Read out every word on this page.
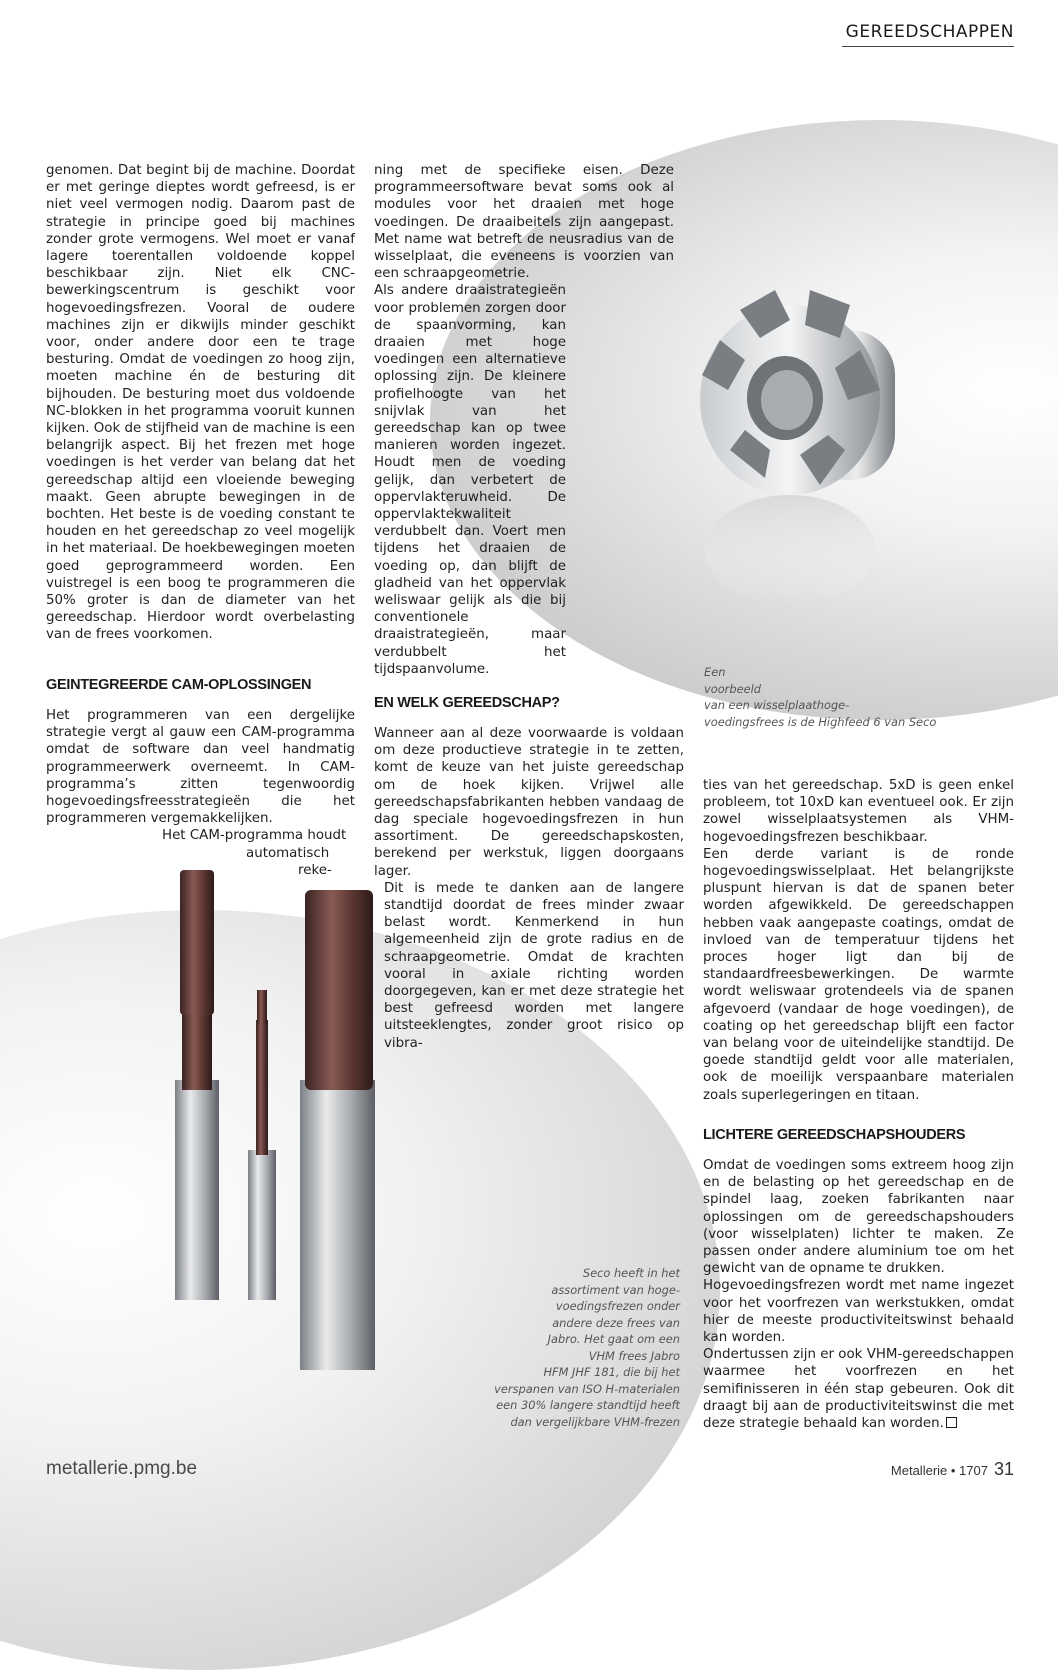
GEREEDSCHAPPEN

genomen. Dat begint bij de machine. Doordat er met geringe dieptes wordt gefreesd, is er niet veel vermogen nodig. Daarom past de strategie in principe goed bij machines zonder grote vermogens. Wel moet er vanaf lagere toerentallen voldoende koppel beschikbaar zijn. Niet elk CNC-bewerkingscentrum is geschikt voor hogevoedingsfrezen. Vooral de oudere machines zijn er dikwijls minder geschikt voor, onder andere door een te trage besturing. Omdat de voedingen zo hoog zijn, moeten machine én de besturing dit bijhouden. De besturing moet dus voldoende NC-blokken in het programma vooruit kunnen kijken. Ook de stijfheid van de machine is een belangrijk aspect. Bij het frezen met hoge voedingen is het verder van belang dat het gereedschap altijd een vloeiende beweging maakt. Geen abrupte bewegingen in de bochten. Het beste is de voeding constant te houden en het gereedschap zo veel mogelijk in het materiaal. De hoekbewegingen moeten goed geprogrammeerd worden. Een vuistregel is een boog te programmeren die 50% groter is dan de diameter van het gereedschap. Hierdoor wordt overbelasting van de frees voorkomen.

GEINTEGREERDE CAM-OPLOSSINGEN

Het programmeren van een dergelijke strategie vergt al gauw een CAM-programma omdat de software dan veel handmatig programmeerwerk overneemt. In CAM-programma’s zitten tegenwoordig hogevoedingsfreesstrategieën die het programmeren vergemakkelijken.

Het CAM-programma houdt

automatisch

reke-

ning met de specifieke eisen. Deze programmeersoftware bevat soms ook al modules voor het draaien met hoge voedingen. De draaibeitels zijn aangepast. Met name wat betreft de neusradius van de wisselplaat, die eveneens is voorzien van een schraapgeometrie.

Als andere draaistrategieën voor problemen zorgen door de spaanvorming, kan draaien met hoge voedingen een alternatieve oplossing zijn. De kleinere profielhoogte van het snijvlak van het gereedschap kan op twee manieren worden ingezet. Houdt men de voeding gelijk, dan verbetert de oppervlakteruwheid. De oppervlaktekwaliteit verdubbelt dan. Voert men tijdens het draaien de voeding op, dan blijft de gladheid van het oppervlak weliswaar gelijk als die bij conventionele draaistrategieën, maar verdubbelt het tijdspaanvolume.

EN WELK GEREEDSCHAP?

Wanneer aan al deze voorwaarde is voldaan om deze productieve strategie in te zetten, komt de keuze van het juiste gereedschap om de hoek kijken. Vrijwel alle gereedschapsfabrikanten hebben vandaag de dag speciale hogevoedingsfrezen in hun assortiment. De gereedschapskosten, berekend per werkstuk, liggen doorgaans lager.

Dit is mede te danken aan de langere standtijd doordat de frees minder zwaar belast wordt. Kenmerkend in hun algemeenheid zijn de grote radius en de schraapgeometrie. Omdat de krachten vooral in axiale richting worden doorgegeven, kan er met deze strategie het best gefreesd worden met langere uitsteeklengtes, zonder groot risico op vibra-

ties van het gereedschap. 5xD is geen enkel probleem, tot 10xD kan eventueel ook. Er zijn zowel wisselplaatsystemen als VHM-hogevoedingsfrezen beschikbaar.

Een derde variant is de ronde hogevoedingswisselplaat. Het belangrijkste pluspunt hiervan is dat de spanen beter worden afgewikkeld. De gereedschappen hebben vaak aangepaste coatings, omdat de invloed van de temperatuur tijdens het proces hoger ligt dan bij de standaardfreesbewerkingen. De warmte wordt weliswaar grotendeels via de spanen afgevoerd (vandaar de hoge voedingen), de coating op het gereedschap blijft een factor van belang voor de uiteindelijke standtijd. De goede standtijd geldt voor alle materialen, ook de moeilijk verspaanbare materialen zoals superlegeringen en titaan.

LICHTERE GEREEDSCHAPSHOUDERS

Omdat de voedingen soms extreem hoog zijn en de belasting op het gereedschap en de spindel laag, zoeken fabrikanten naar oplossingen om de gereedschapshouders (voor wisselplaten) lichter te maken. Ze passen onder andere aluminium toe om het gewicht van de opname te drukken.

Hogevoedingsfrezen wordt met name ingezet voor het voorfrezen van werkstukken, omdat hier de meeste productiviteitswinst behaald kan worden.

Ondertussen zijn er ook VHM-gereedschappen waarmee het voorfrezen en het semifinisseren in één stap gebeuren. Ook dit draagt bij aan de productiviteitswinst die met deze strategie behaald kan worden.

Een
voorbeeld
van een wisselplaathoge-
voedingsfrees is de Highfeed 6 van Seco
Seco heeft in het
assortiment van hoge-
voedingsfrezen onder
andere deze frees van
Jabro. Het gaat om een
VHM frees Jabro
HFM JHF 181, die bij het
verspanen van ISO H-materialen
een 30% langere standtijd heeft
dan vergelijkbare VHM-frezen
metallerie.pmg.be	Metallerie • 1707 31
